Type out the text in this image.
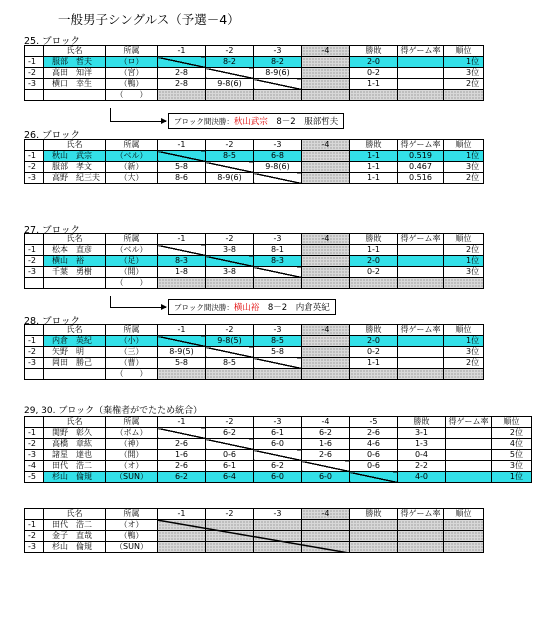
一般男子シングルス（予選－4）
25. ブロック
	氏名	所属	-1	-2	-3	-4	勝敗	得ゲーム率	順位
-1	服部　哲夫	（ロ）		8-2	8-2		2-0		1位
-2	高田　知洋	（宮）	2-8		8-9(6)		0-2		3位
-3	横口　幸生	（鴨）	2-8	9-8(6)			1-1		2位
		（　　）							
ブロック間決勝：秋山武宗　 8－2　 服部哲夫
26. ブロック
	氏名	所属	-1	-2	-3	-4	勝敗	得ゲーム率	順位
-1	秋山　武宗	（ベル）		8-5	6-8		1-1	0.519	1位
-2	服部　孝文	（新）	5-8		9-8(6)		1-1	0.467	3位
-3	高野　紀三夫	（大）	8-6	8-9(6)			1-1	0.516	2位
27. ブロック
	氏名	所属	-1	-2	-3	-4	勝敗	得ゲーム率	順位
-1	松本　直彦	（ベル）		3-8	8-1		1-1		2位
-2	横山　裕	（足）	8-3		8-3		2-0		1位
-3	千葉　勇樹	（開）	1-8	3-8			0-2		3位
		（　　）							
ブロック間決勝：横山裕　 8－2　 内倉英紀
28. ブロック
	氏名	所属	-1	-2	-3	-4	勝敗	得ゲーム率	順位
-1	内倉　英紀	（小）		9-8(5)	8-5		2-0		1位
-2	矢野　明	（三）	8-9(5)		5-8		0-2		3位
-3	岡田　勝己	（曹）	5-8	8-5			1-1		2位
		（　　）							
29, 30. ブロック（棄権者がでたため統合）
	氏名	所属	-1	-2	-3	-4	-5	勝敗	得ゲーム率	順位
-1	関野　彰久	（ボム）		6-2	6-1	6-2	2-6	3-1		2位
-2	高橋　章紘	（神）	2-6		6-0	1-6	4-6	1-3		4位
-3	諸星　達也	（開）	1-6	0-6		2-6	0-6	0-4		5位
-4	田代　浩二	（オ）	2-6	6-1	6-2		0-6	2-2		3位
-5	杉山　倫規	（SUN）	6-2	6-4	6-0	6-0		4-0		1位
	氏名	所属	-1	-2	-3	-4	勝敗	得ゲーム率	順位
-1	田代　浩二	（オ）							
-2	金子　直哉	（鴨）							
-3	杉山　倫規	（SUN）							
